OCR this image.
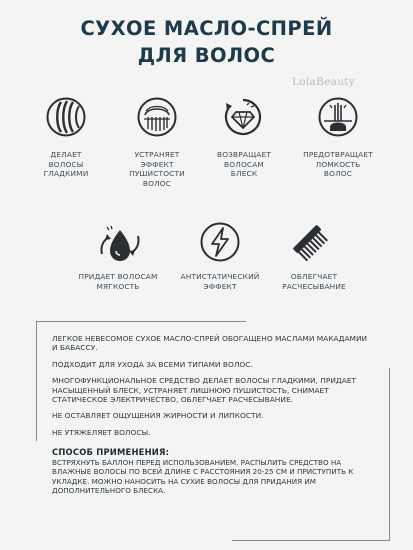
СУХОЕ МАСЛО-СПРЕЙ
ДЛЯ ВОЛОС
LolaBeauty
ДЕЛАЕТ
ВОЛОСЫ
ГЛАДКИМИ
УСТРАНЯЕТ
ЭФФЕКТ
ПУШИСТОСТИ
ВОЛОС
ВОЗВРАЩАЕТ
ВОЛОСАМ
БЛЕСК
ПРЕДОТВРАЩАЕТ
ЛОМКОСТЬ
ВОЛОС
ПРИДАЕТ ВОЛОСАМ
МЯГКОСТЬ
АНТИСТАТИЧЕСКИЙ
ЭФФЕКТ
ОБЛЕГЧАЕТ
РАСЧЕСЫВАНИЕ

ЛЕГКОЕ НЕВЕСОМОЕ СУХОЕ МАСЛО-СПРЕЙ ОБОГАЩЕНО МАСЛАМИ МАКАДАМИИ И БАБАССУ.

ПОДХОДИТ ДЛЯ УХОДА ЗА ВСЕМИ ТИПАМИ ВОЛОС.

МНОГОФУНКЦИОНАЛЬНОЕ СРЕДСТВО ДЕЛАЕТ ВОЛОСЫ ГЛАДКИМИ, ПРИДАЕТ НАСЫЩЕННЫЙ БЛЕСК, УСТРАНЯЕТ ЛИШНЮЮ ПУШИСТОСТЬ, СНИМАЕТ СТАТИЧЕСКОЕ ЭЛЕКТРИЧЕСТВО, ОБЛЕГЧАЕТ РАСЧЕСЫВАНИЕ.

НЕ ОСТАВЛЯЕТ ОЩУЩЕНИЯ ЖИРНОСТИ И ЛИПКОСТИ.

НЕ УТЯЖЕЛЯЕТ ВОЛОСЫ.

СПОСОБ ПРИМЕНЕНИЯ:
ВСТРЯХНУТЬ БАЛЛОН ПЕРЕД ИСПОЛЬЗОВАНИЕМ. РАСПЫЛИТЬ СРЕДСТВО НА ВЛАЖНЫЕ ВОЛОСЫ ПО ВСЕЙ ДЛИНЕ С РАССТОЯНИЯ 20-25 СМ И ПРИСТУПИТЬ К УКЛАДКЕ. МОЖНО НАНОСИТЬ НА СУХИЕ ВОЛОСЫ ДЛЯ ПРИДАНИЯ ИМ ДОПОЛНИТЕЛЬНОГО БЛЕСКА.
